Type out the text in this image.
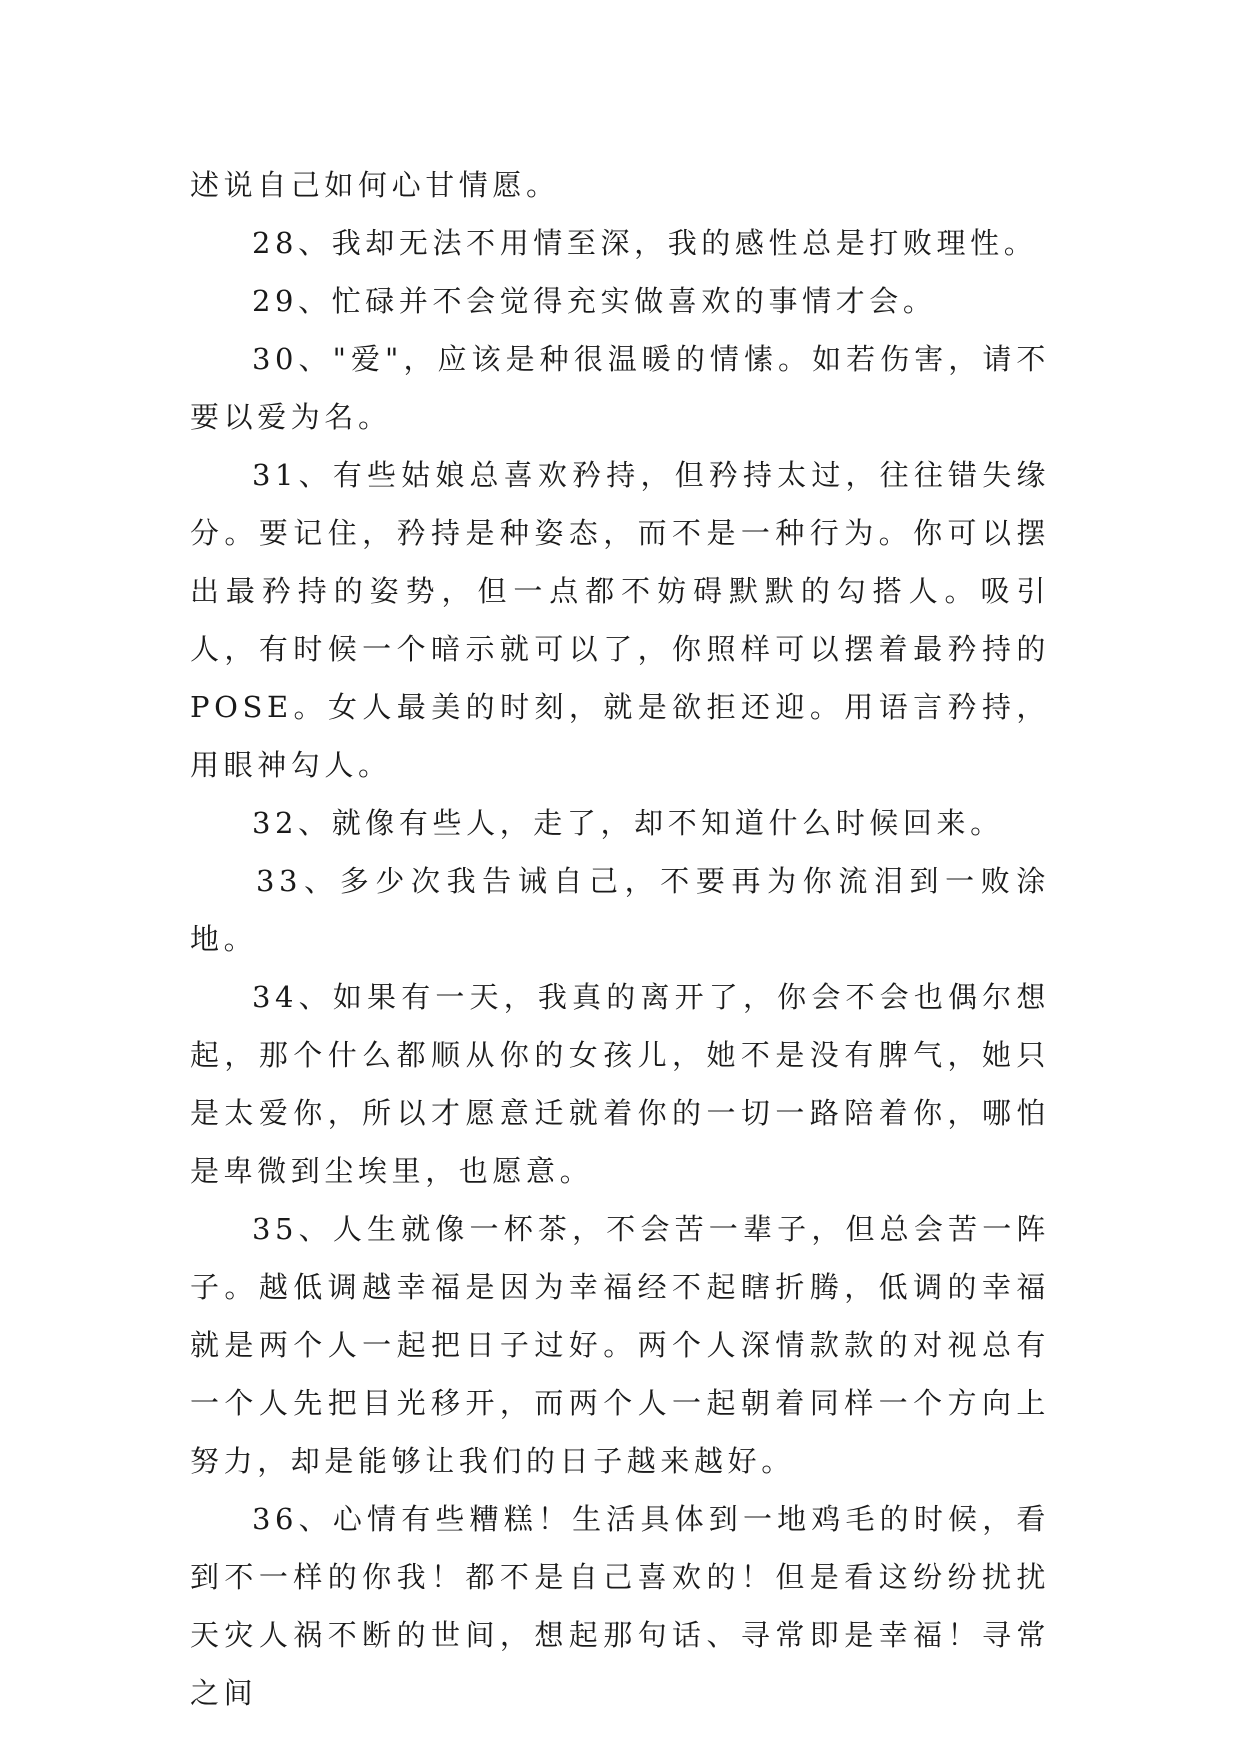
述说自己如何心甘情愿。

28、我却无法不用情至深，我的感性总是打败理性。

29、忙碌并不会觉得充实做喜欢的事情才会。

30、"爱"，应该是种很温暖的情愫。如若伤害，请不要以爱为名。

31、有些姑娘总喜欢矜持，但矜持太过，往往错失缘分。要记住，矜持是种姿态，而不是一种行为。你可以摆出最矜持的姿势，但一点都不妨碍默默的勾搭人。吸引人，有时候一个暗示就可以了，你照样可以摆着最矜持的POSE。女人最美的时刻，就是欲拒还迎。用语言矜持，用眼神勾人。

32、就像有些人，走了，却不知道什么时候回来。

33、多少次我告诫自己，不要再为你流泪到一败涂地。

34、如果有一天，我真的离开了，你会不会也偶尔想起，那个什么都顺从你的女孩儿，她不是没有脾气，她只是太爱你，所以才愿意迁就着你的一切一路陪着你，哪怕是卑微到尘埃里，也愿意。

35、人生就像一杯茶，不会苦一辈子，但总会苦一阵子。越低调越幸福是因为幸福经不起瞎折腾，低调的幸福就是两个人一起把日子过好。两个人深情款款的对视总有一个人先把目光移开，而两个人一起朝着同样一个方向上努力，却是能够让我们的日子越来越好。

36、心情有些糟糕！生活具体到一地鸡毛的时候，看到不一样的你我！都不是自己喜欢的！但是看这纷纷扰扰天灾人祸不断的世间，想起那句话、寻常即是幸福！寻常之间
